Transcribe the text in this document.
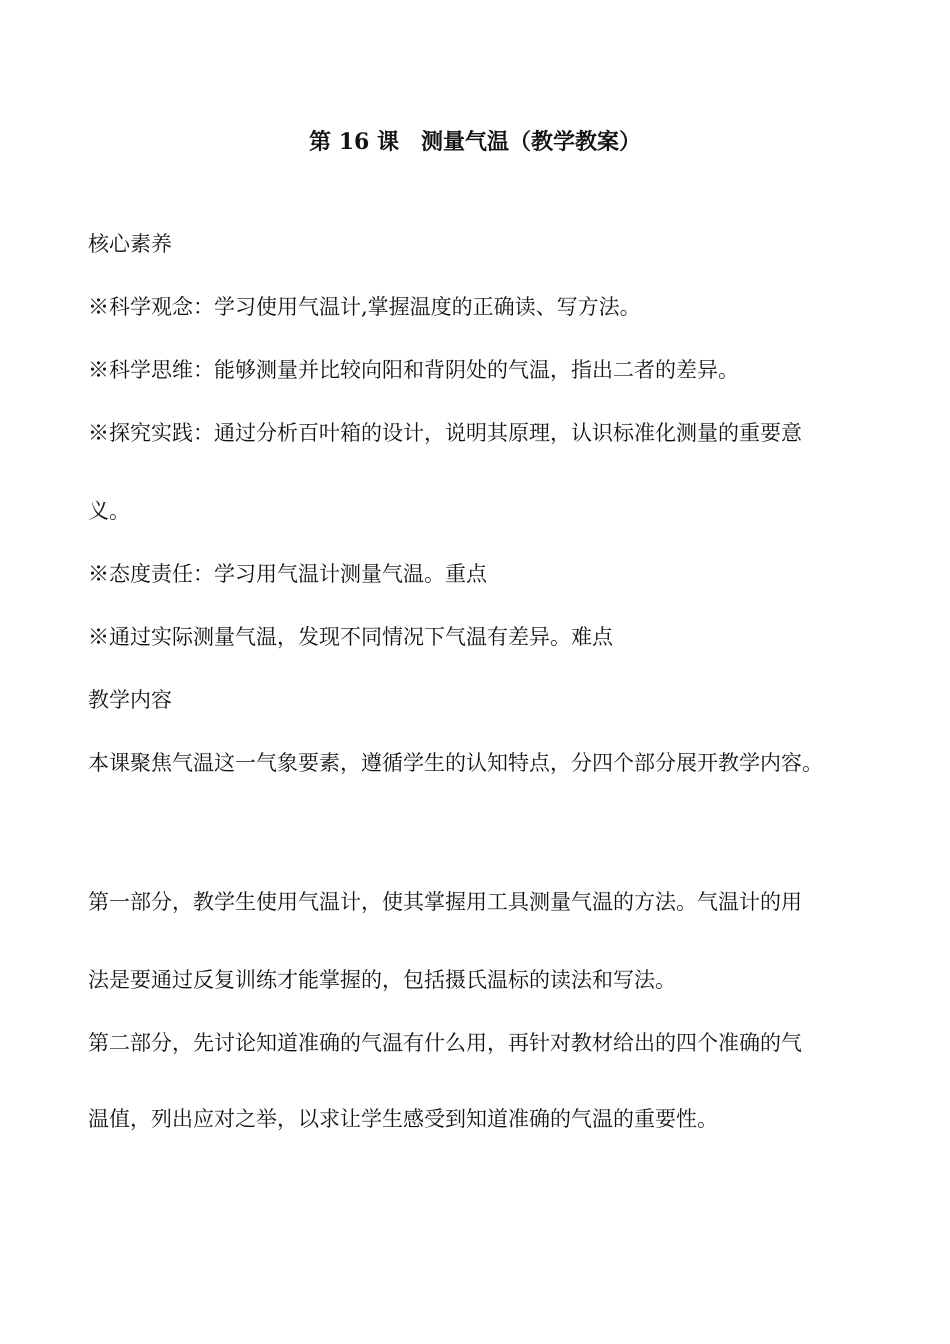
第 16 课　测量气温（教学教案）
核心素养
※科学观念：学习使用气温计,掌握温度的正确读、写方法。
※科学思维：能够测量并比较向阳和背阴处的气温，指出二者的差异。
※探究实践：通过分析百叶箱的设计，说明其原理，认识标准化测量的重要意
义。
※态度责任：学习用气温计测量气温。重点
※通过实际测量气温，发现不同情况下气温有差异。难点
教学内容
本课聚焦气温这一气象要素，遵循学生的认知特点，分四个部分展开教学内容。
第一部分，教学生使用气温计，使其掌握用工具测量气温的方法。气温计的用
法是要通过反复训练才能掌握的，包括摄氏温标的读法和写法。
第二部分，先讨论知道准确的气温有什么用，再针对教材给出的四个准确的气
温值，列出应对之举，以求让学生感受到知道准确的气温的重要性。
